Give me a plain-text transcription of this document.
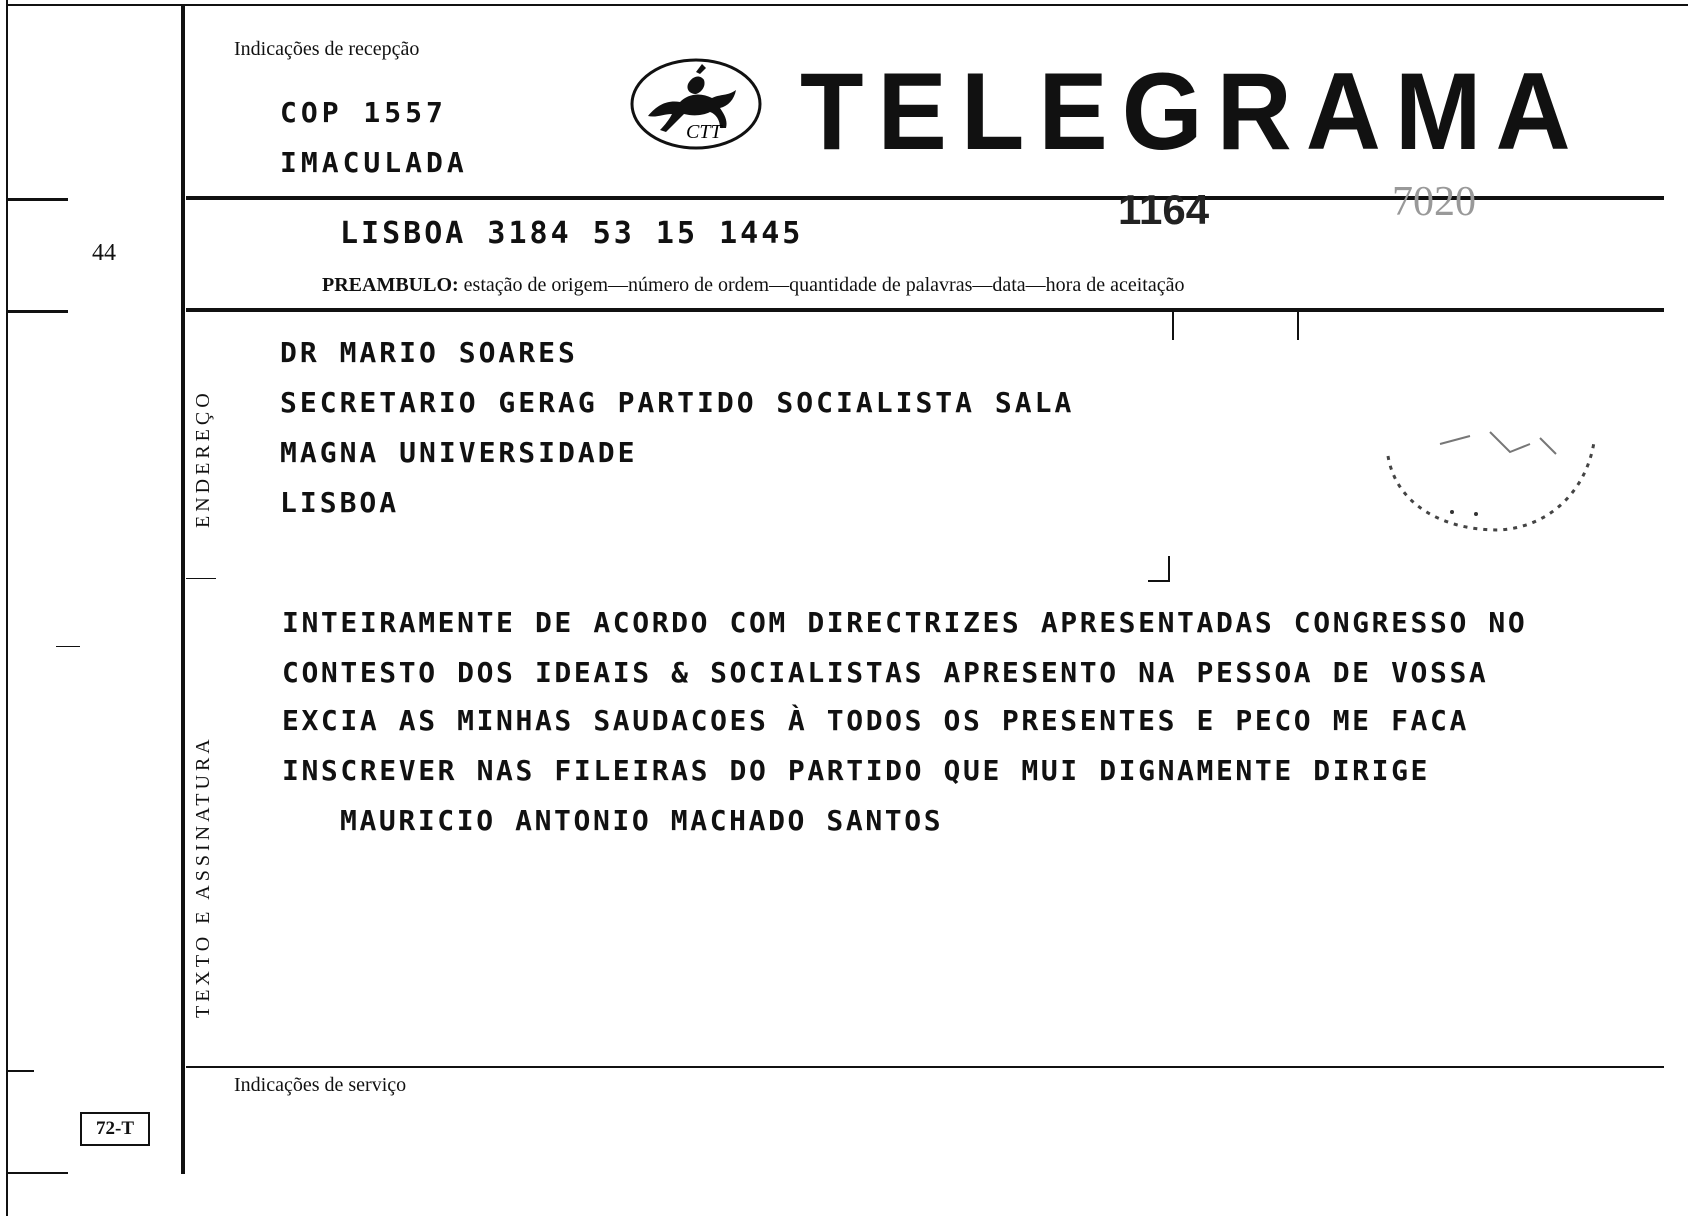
44
72-T
Indicações de recepção
COP 1557
IMACULADA
CTT TELEGRAMA
1164	7020
LISBOA 3184 53 15 1445
PREAMBULO: estação de origem—número de ordem—quantidade de palavras—data—hora de aceitação
ENDEREÇO
DR MARIO SOARES
SECRETARIO GERAG PARTIDO SOCIALISTA SALA
MAGNA UNIVERSIDADE
LISBOA
TEXTO E ASSINATURA
INTEIRAMENTE DE ACORDO COM DIRECTRIZES APRESENTADAS CONGRESSO NO
CONTESTO DOS IDEAIS & SOCIALISTAS APRESENTO NA PESSOA DE VOSSA
EXCIA AS MINHAS SAUDACOES À TODOS OS PRESENTES E PECO ME FACA
INSCREVER NAS FILEIRAS DO PARTIDO QUE MUI DIGNAMENTE DIRIGE
MAURICIO ANTONIO MACHADO SANTOS
Indicações de serviço
